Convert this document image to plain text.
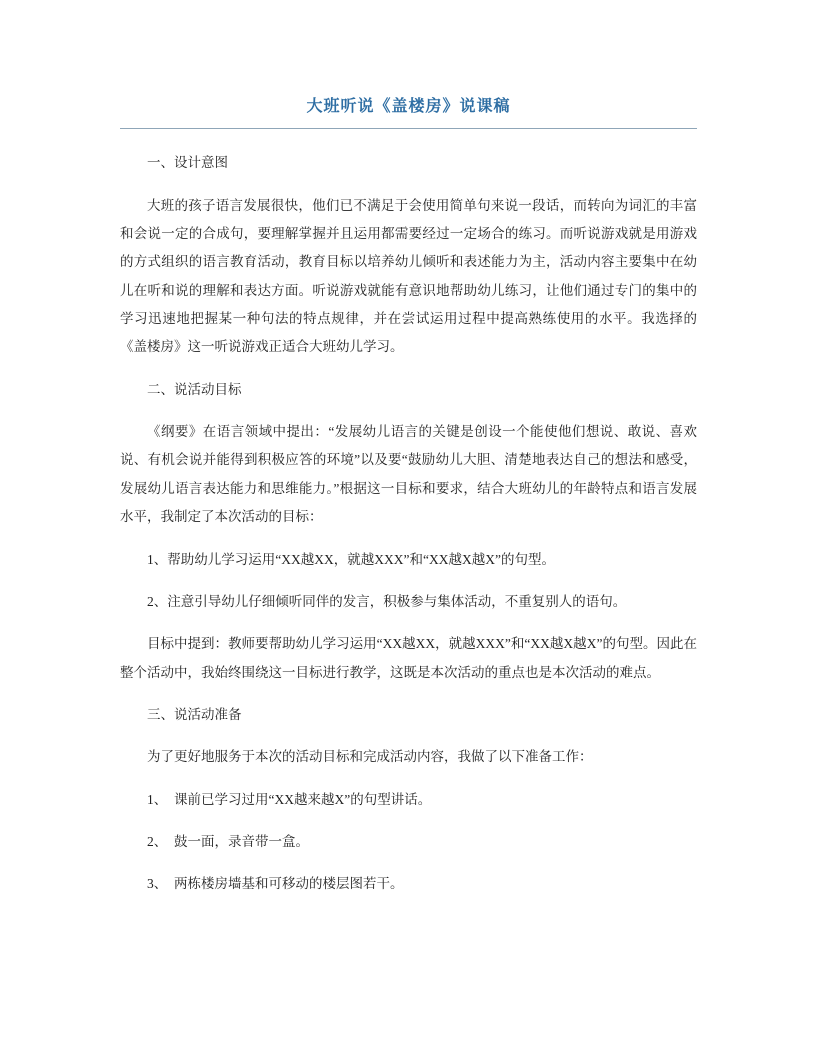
大班听说《盖楼房》说课稿

一、设计意图

大班的孩子语言发展很快，他们已不满足于会使用简单句来说一段话，而转向为词汇的丰富和会说一定的合成句，要理解掌握并且运用都需要经过一定场合的练习。而听说游戏就是用游戏的方式组织的语言教育活动，教育目标以培养幼儿倾听和表述能力为主，活动内容主要集中在幼儿在听和说的理解和表达方面。听说游戏就能有意识地帮助幼儿练习，让他们通过专门的集中的学习迅速地把握某一种句法的特点规律，并在尝试运用过程中提高熟练使用的水平。我选择的《盖楼房》这一听说游戏正适合大班幼儿学习。

二、说活动目标

《纲要》在语言领域中提出：“发展幼儿语言的关键是创设一个能使他们想说、敢说、喜欢说、有机会说并能得到积极应答的环境”以及要“鼓励幼儿大胆、清楚地表达自己的想法和感受，发展幼儿语言表达能力和思维能力。”根据这一目标和要求，结合大班幼儿的年龄特点和语言发展水平，我制定了本次活动的目标：

1、帮助幼儿学习运用“XX越XX，就越XXX”和“XX越X越X”的句型。

2、注意引导幼儿仔细倾听同伴的发言，积极参与集体活动，不重复别人的语句。

目标中提到：教师要帮助幼儿学习运用“XX越XX，就越XXX”和“XX越X越X”的句型。因此在整个活动中，我始终围绕这一目标进行教学，这既是本次活动的重点也是本次活动的难点。

三、说活动准备

为了更好地服务于本次的活动目标和完成活动内容，我做了以下准备工作：

1、　课前已学习过用“XX越来越X”的句型讲话。

2、　鼓一面，录音带一盒。

3、　两栋楼房墙基和可移动的楼层图若干。
